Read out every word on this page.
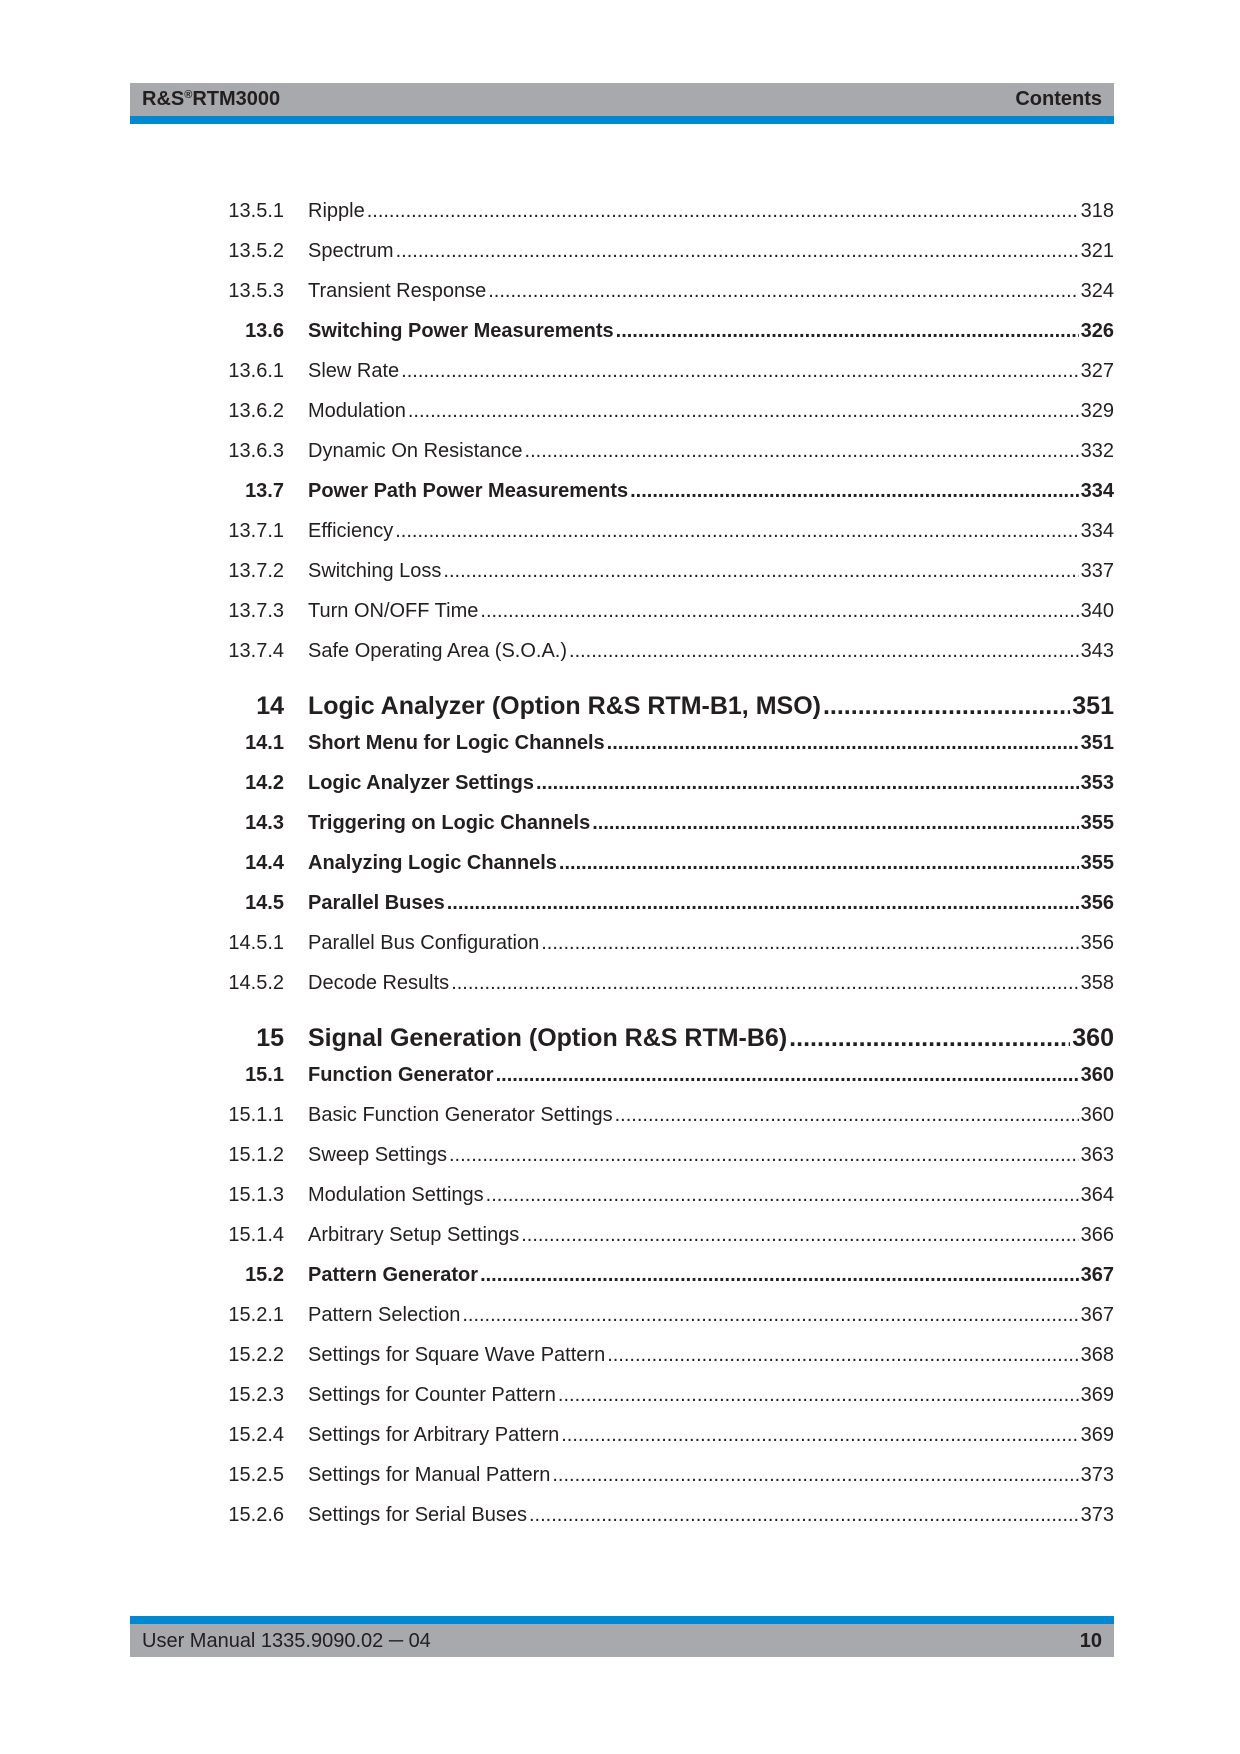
R&S®RTM3000	Contents
13.5.1 Ripple .....	318
13.5.2 Spectrum .....	321
13.5.3 Transient Response .....	324
13.6 Switching Power Measurements .....	326
13.6.1 Slew Rate .....	327
13.6.2 Modulation .....	329
13.6.3 Dynamic On Resistance .....	332
13.7 Power Path Power Measurements .....	334
13.7.1 Efficiency .....	334
13.7.2 Switching Loss .....	337
13.7.3 Turn ON/OFF Time .....	340
13.7.4 Safe Operating Area (S.O.A.) .....	343
14 Logic Analyzer (Option R&S RTM-B1, MSO) .....	351
14.1 Short Menu for Logic Channels .....	351
14.2 Logic Analyzer Settings .....	353
14.3 Triggering on Logic Channels .....	355
14.4 Analyzing Logic Channels .....	355
14.5 Parallel Buses .....	356
14.5.1 Parallel Bus Configuration .....	356
14.5.2 Decode Results .....	358
15 Signal Generation (Option R&S RTM-B6) .....	360
15.1 Function Generator .....	360
15.1.1 Basic Function Generator Settings .....	360
15.1.2 Sweep Settings .....	363
15.1.3 Modulation Settings .....	364
15.1.4 Arbitrary Setup Settings .....	366
15.2 Pattern Generator .....	367
15.2.1 Pattern Selection .....	367
15.2.2 Settings for Square Wave Pattern .....	368
15.2.3 Settings for Counter Pattern .....	369
15.2.4 Settings for Arbitrary Pattern .....	369
15.2.5 Settings for Manual Pattern .....	373
15.2.6 Settings for Serial Buses .....	373
User Manual 1335.9090.02 ─ 04	10
